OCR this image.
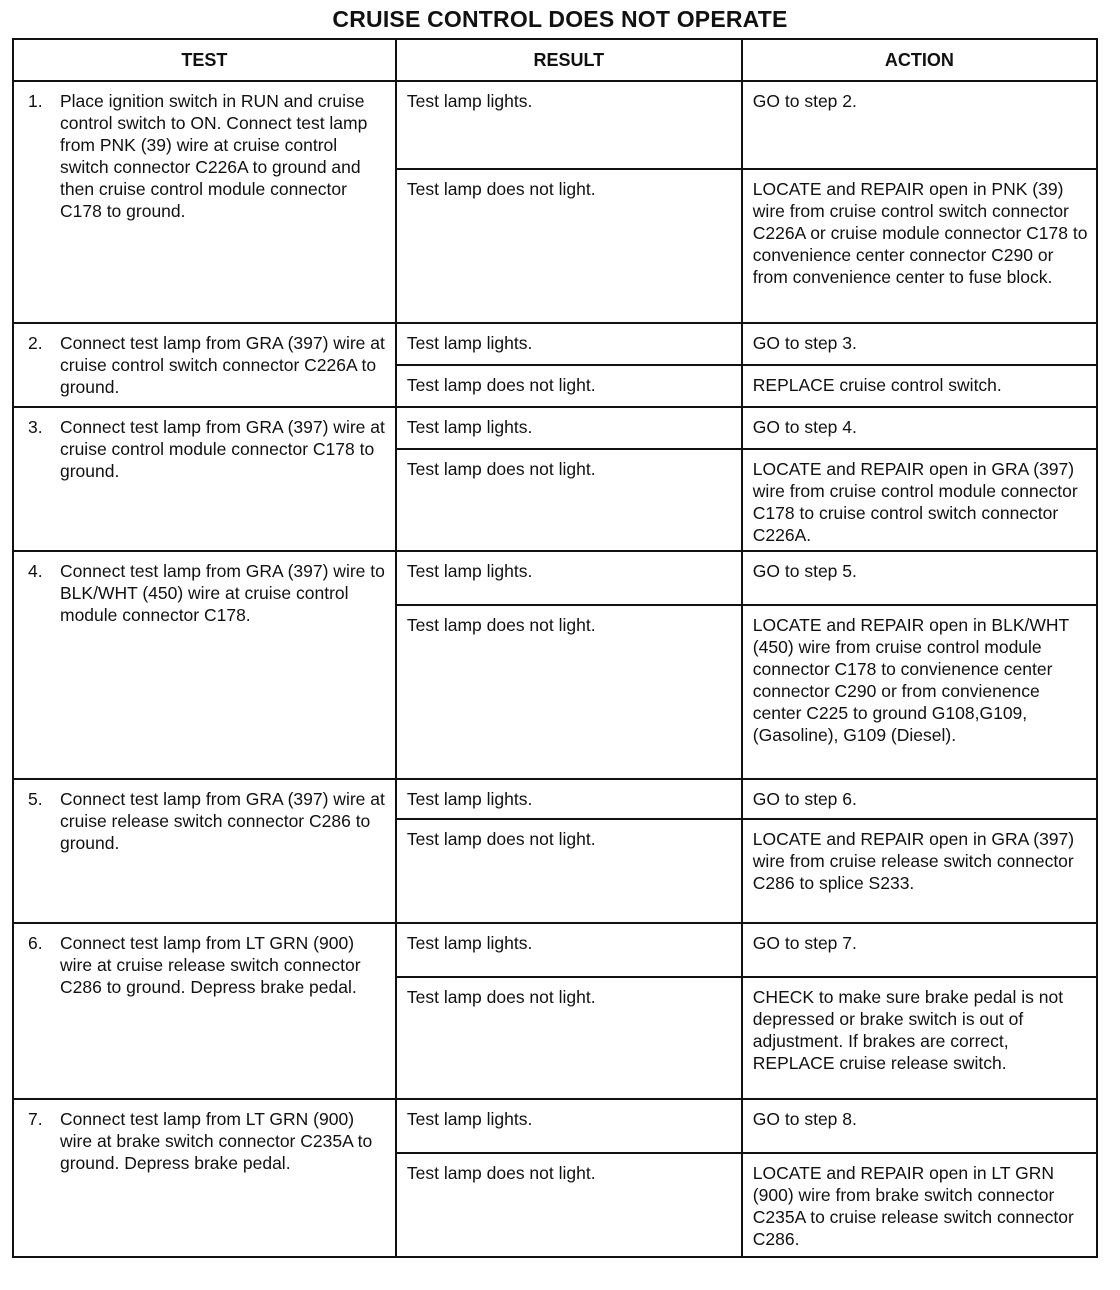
CRUISE CONTROL DOES NOT OPERATE
TEST	RESULT	ACTION

1. Place ignition switch in RUN and cruise control switch to ON. Connect test lamp from PNK (39) wire at cruise control switch connector C226A to ground and then cruise control module connector C178 to ground.	Test lamp lights.	GO to step 2.
	Test lamp does not light.	LOCATE and REPAIR open in PNK (39) wire from cruise control switch connector C226A or cruise module connector C178 to convenience center connector C290 or from convenience center to fuse block.

2. Connect test lamp from GRA (397) wire at cruise control switch connector C226A to ground.	Test lamp lights.	GO to step 3.
	Test lamp does not light.	REPLACE cruise control switch.

3. Connect test lamp from GRA (397) wire at cruise control module connector C178 to ground.	Test lamp lights.	GO to step 4.
	Test lamp does not light.	LOCATE and REPAIR open in GRA (397) wire from cruise control module connector C178 to cruise control switch connector C226A.

4. Connect test lamp from GRA (397) wire to BLK/WHT (450) wire at cruise control module connector C178.	Test lamp lights.	GO to step 5.
	Test lamp does not light.	LOCATE and REPAIR open in BLK/WHT (450) wire from cruise control module connector C178 to convienence center connector C290 or from convienence center C225 to ground G108,G109, (Gasoline), G109 (Diesel).

5. Connect test lamp from GRA (397) wire at cruise release switch connector C286 to ground.	Test lamp lights.	GO to step 6.
	Test lamp does not light.	LOCATE and REPAIR open in GRA (397) wire from cruise release switch connector C286 to splice S233.

6. Connect test lamp from LT GRN (900) wire at cruise release switch connector C286 to ground. Depress brake pedal.	Test lamp lights.	GO to step 7.
	Test lamp does not light.	CHECK to make sure brake pedal is not depressed or brake switch is out of adjustment. If brakes are correct, REPLACE cruise release switch.

7. Connect test lamp from LT GRN (900) wire at brake switch connector C235A to ground. Depress brake pedal.	Test lamp lights.	GO to step 8.
	Test lamp does not light.	LOCATE and REPAIR open in LT GRN (900) wire from brake switch connector C235A to cruise release switch connector C286.
